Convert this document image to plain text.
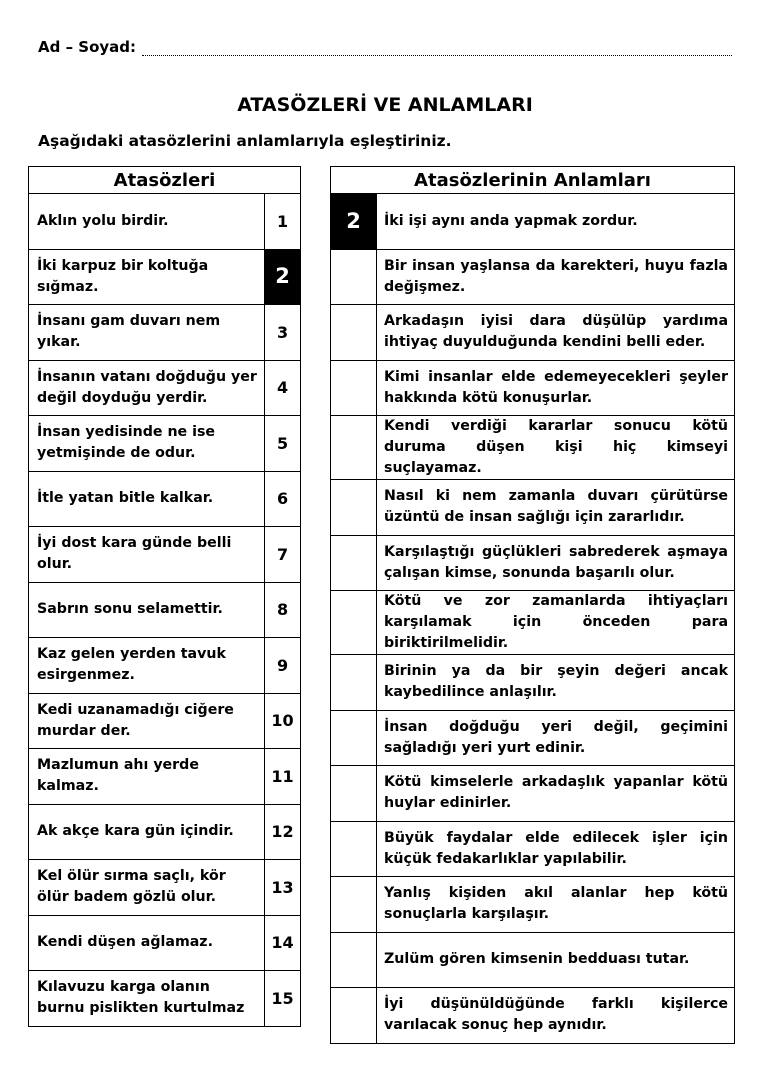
Ad – Soyad:
ATASÖZLERİ VE ANLAMLARI
Aşağıdaki atasözlerini anlamlarıyla eşleştiriniz.
Atasözleri	
Aklın yolu birdir.	1
İki karpuz bir koltuğa sığmaz.	2
İnsanı gam duvarı nem yıkar.	3
İnsanın vatanı doğduğu yer değil doyduğu yerdir.	4
İnsan yedisinde ne ise yetmişinde de odur.	5
İtle yatan bitle kalkar.	6
İyi dost kara günde belli olur.	7
Sabrın sonu selamettir.	8
Kaz gelen yerden tavuk esirgenmez.	9
Kedi uzanamadığı ciğere murdar der.	10
Mazlumun ahı yerde kalmaz.	11
Ak akçe kara gün içindir.	12
Kel ölür sırma saçlı, kör ölür badem gözlü olur.	13
Kendi düşen ağlamaz.	14
Kılavuzu karga olanın burnu pislikten kurtulmaz	15
Atasözlerinin Anlamları	
2	İki işi aynı anda yapmak zordur.
	Bir insan yaşlansa da karekteri, huyu fazla değişmez.
	Arkadaşın iyisi dara düşülüp yardıma ihtiyaç duyulduğunda kendini belli eder.
	Kimi insanlar elde edemeyecekleri şeyler hakkında kötü konuşurlar.
	Kendi verdiği kararlar sonucu kötü duruma düşen kişi hiç kimseyi suçlayamaz.
	Nasıl ki nem zamanla duvarı çürütürse üzüntü de insan sağlığı için zararlıdır.
	Karşılaştığı güçlükleri sabrederek aşmaya çalışan kimse, sonunda başarılı olur.
	Kötü ve zor zamanlarda ihtiyaçları karşılamak için önceden para biriktirilmelidir.
	Birinin ya da bir şeyin değeri ancak kaybedilince anlaşılır.
	İnsan doğduğu yeri değil, geçimini sağladığı yeri yurt edinir.
	Kötü kimselerle arkadaşlık yapanlar kötü huylar edinirler.
	Büyük faydalar elde edilecek işler için küçük fedakarlıklar yapılabilir.
	Yanlış kişiden akıl alanlar hep kötü sonuçlarla karşılaşır.
	Zulüm gören kimsenin bedduası tutar.
	İyi düşünüldüğünde farklı kişilerce varılacak sonuç hep aynıdır.
